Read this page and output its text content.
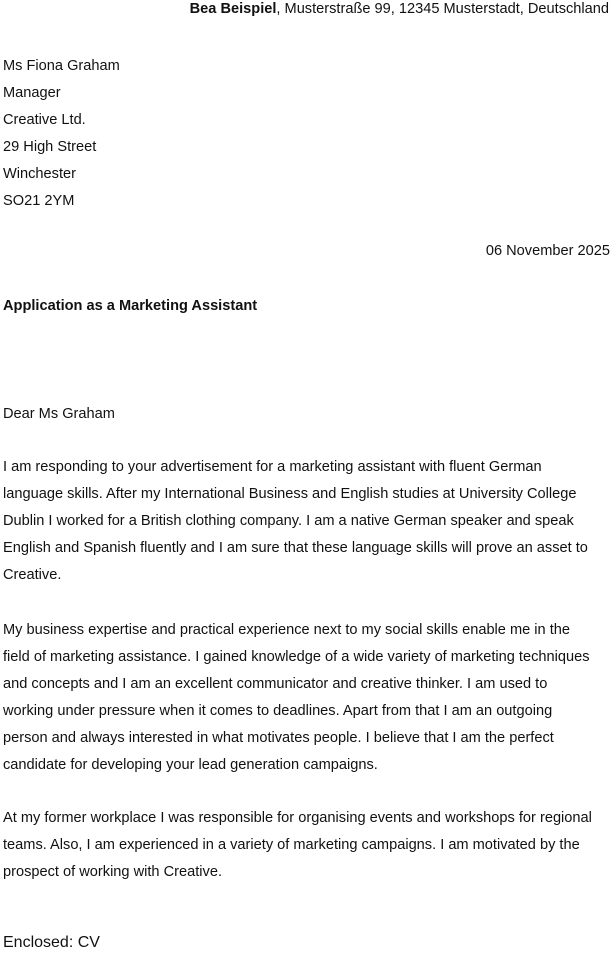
Bea Beispiel, Musterstraße 99, 12345 Musterstadt, Deutschland
Ms Fiona Graham
Manager
Creative Ltd.
29 High Street
Winchester
SO21 2YM
06 November 2025
Application as a Marketing Assistant
Dear Ms Graham

I am responding to your advertisement for a marketing assistant with fluent German
language skills. After my International Business and English studies at University College
Dublin I worked for a British clothing company. I am a native German speaker and speak
English and Spanish fluently and I am sure that these language skills will prove an asset to
Creative.

My business expertise and practical experience next to my social skills enable me in the
field of marketing assistance. I gained knowledge of a wide variety of marketing techniques
and concepts and I am an excellent communicator and creative thinker. I am used to
working under pressure when it comes to deadlines. Apart from that I am an outgoing
person and always interested in what motivates people. I believe that I am the perfect
candidate for developing your lead generation campaigns.

At my former workplace I was responsible for organising events and workshops for regional
teams. Also, I am experienced in a variety of marketing campaigns. I am motivated by the
prospect of working with Creative.

Enclosed: CV
